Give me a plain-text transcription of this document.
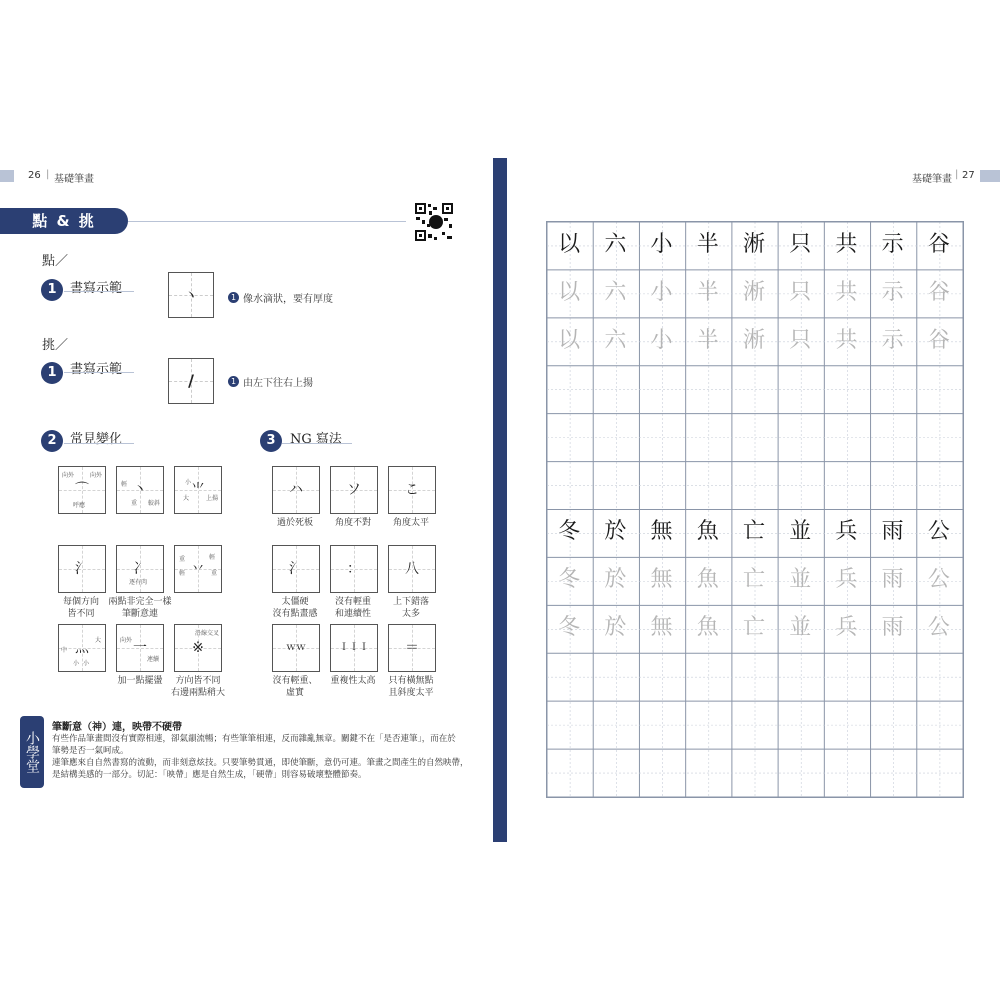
26 | 基礎筆畫
點 & 挑
點／
1	書寫示範	ヽ	1 像水滴狀，要有厚度
挑／
1	書寫示範
/	1 由左下往右上揚
2	常見變化	3	NG 寫法
向外	向外
呼應
⌒	輕
重 較斜
丶	小
大	上揚
⺌
氵
逐有肉
冫
重	輕
輕	重
丷
每個方向
皆不同
兩點非完全一樣
筆斷意連
中
大
小 小
灬	向外
連續
一
沿線交叉
※
加一點擺盪	方向皆不同
右邊兩點稍大
ハ	ソ	こ
過於死板	角度不對	角度太平
氵	：	八
太僵硬
沒有點畫感
沒有輕重
和連續性
上下錯落
太多
ｗｗ	ＩＩＩ	＝
沒有輕重、
虛實
重複性太高	只有橫無點
且斜度太平
小學堂
筆斷意（神）連，映帶不硬帶
有些作品筆畫間沒有實際相連，卻氣韻流暢；有些筆筆相連，反而雜亂無章。關鍵不在「是否連筆」，而在於
筆勢是否一氣呵成。
連筆應來自自然書寫的流動，而非刻意炫技。只要筆勢貫通，即使筆斷，意仍可連。筆畫之間產生的自然映帶，
是結構美感的一部分。切記：「映帶」應是自然生成，「硬帶」則容易破壞整體節奏。
基礎筆畫 | 27
以	六	小	半	淅	只	共	示	谷
以	六	小	半	淅	只	共	示	谷
以	六	小	半	淅	只	共	示	谷
冬	於	無	魚	亡	並	兵	雨	公
冬	於	無	魚	亡	並	兵	雨	公
冬	於	無	魚	亡	並	兵	雨	公
